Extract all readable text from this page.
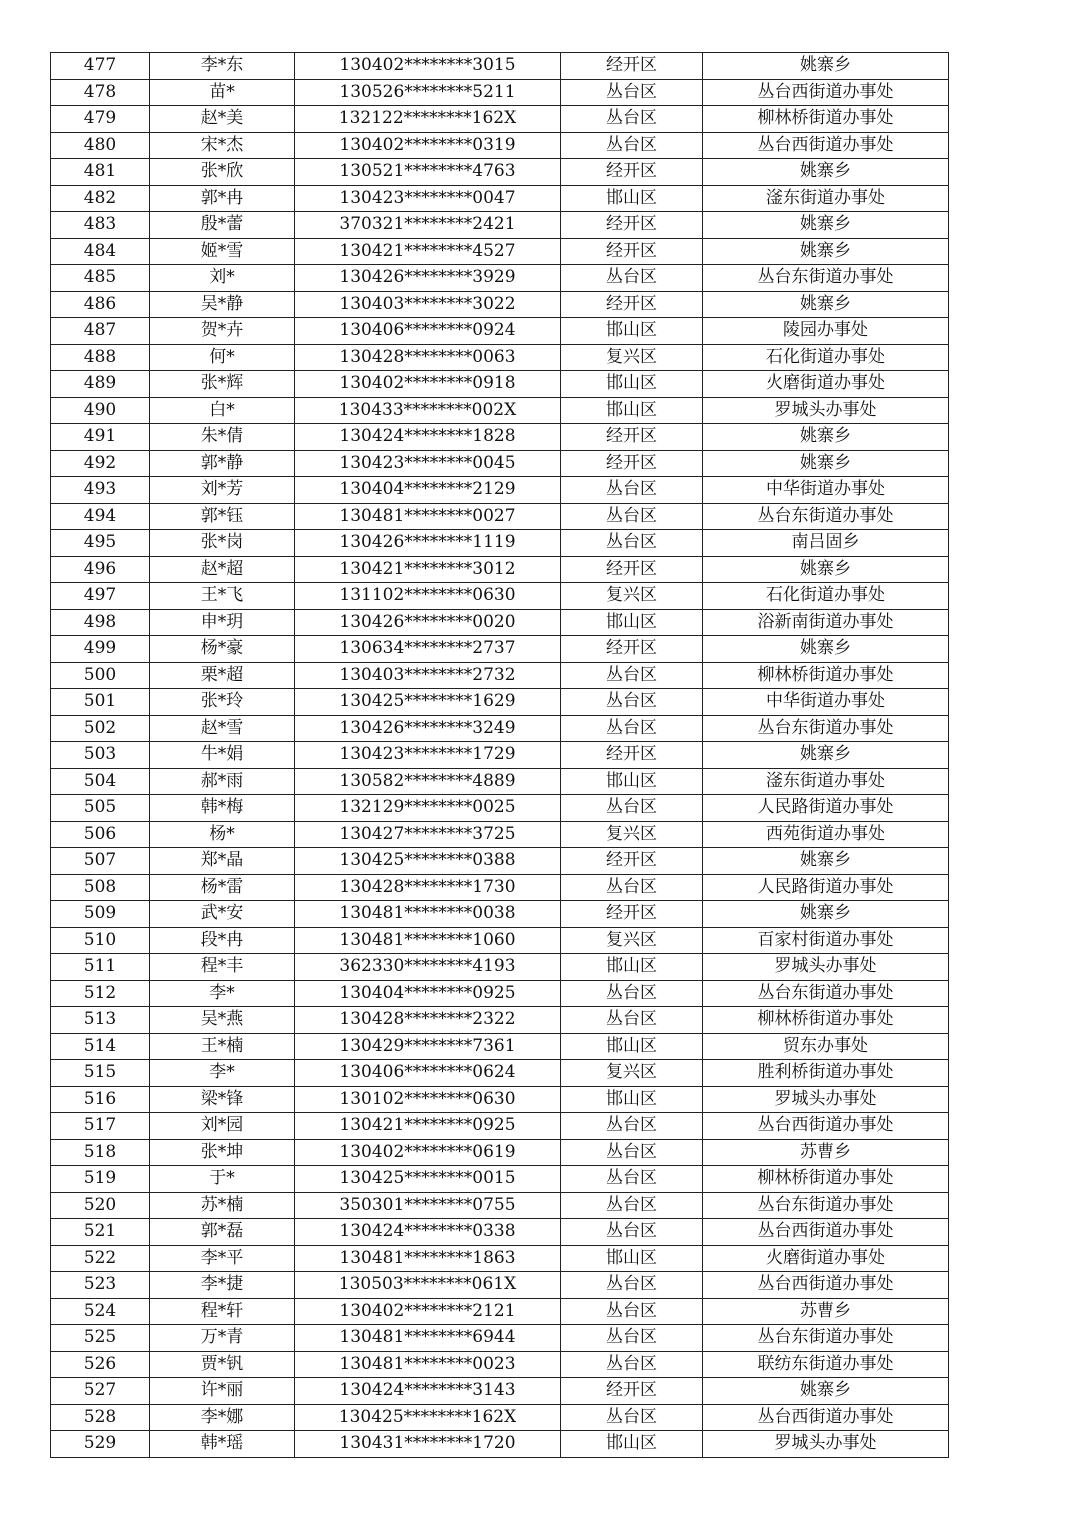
477	李*东	130402********3015	经开区	姚寨乡
478	苗*	130526********5211	丛台区	丛台西街道办事处
479	赵*美	132122********162X	丛台区	柳林桥街道办事处
480	宋*杰	130402********0319	丛台区	丛台西街道办事处
481	张*欣	130521********4763	经开区	姚寨乡
482	郭*冉	130423********0047	邯山区	滏东街道办事处
483	殷*蕾	370321********2421	经开区	姚寨乡
484	姬*雪	130421********4527	经开区	姚寨乡
485	刘*	130426********3929	丛台区	丛台东街道办事处
486	吴*静	130403********3022	经开区	姚寨乡
487	贺*卉	130406********0924	邯山区	陵园办事处
488	何*	130428********0063	复兴区	石化街道办事处
489	张*辉	130402********0918	邯山区	火磨街道办事处
490	白*	130433********002X	邯山区	罗城头办事处
491	朱*倩	130424********1828	经开区	姚寨乡
492	郭*静	130423********0045	经开区	姚寨乡
493	刘*芳	130404********2129	丛台区	中华街道办事处
494	郭*钰	130481********0027	丛台区	丛台东街道办事处
495	张*岗	130426********1119	丛台区	南吕固乡
496	赵*超	130421********3012	经开区	姚寨乡
497	王*飞	131102********0630	复兴区	石化街道办事处
498	申*玥	130426********0020	邯山区	浴新南街道办事处
499	杨*豪	130634********2737	经开区	姚寨乡
500	栗*超	130403********2732	丛台区	柳林桥街道办事处
501	张*玲	130425********1629	丛台区	中华街道办事处
502	赵*雪	130426********3249	丛台区	丛台东街道办事处
503	牛*娟	130423********1729	经开区	姚寨乡
504	郝*雨	130582********4889	邯山区	滏东街道办事处
505	韩*梅	132129********0025	丛台区	人民路街道办事处
506	杨*	130427********3725	复兴区	西苑街道办事处
507	郑*晶	130425********0388	经开区	姚寨乡
508	杨*雷	130428********1730	丛台区	人民路街道办事处
509	武*安	130481********0038	经开区	姚寨乡
510	段*冉	130481********1060	复兴区	百家村街道办事处
511	程*丰	362330********4193	邯山区	罗城头办事处
512	李*	130404********0925	丛台区	丛台东街道办事处
513	吴*燕	130428********2322	丛台区	柳林桥街道办事处
514	王*楠	130429********7361	邯山区	贸东办事处
515	李*	130406********0624	复兴区	胜利桥街道办事处
516	梁*锋	130102********0630	邯山区	罗城头办事处
517	刘*园	130421********0925	丛台区	丛台西街道办事处
518	张*坤	130402********0619	丛台区	苏曹乡
519	于*	130425********0015	丛台区	柳林桥街道办事处
520	苏*楠	350301********0755	丛台区	丛台东街道办事处
521	郭*磊	130424********0338	丛台区	丛台西街道办事处
522	李*平	130481********1863	邯山区	火磨街道办事处
523	李*捷	130503********061X	丛台区	丛台西街道办事处
524	程*轩	130402********2121	丛台区	苏曹乡
525	万*青	130481********6944	丛台区	丛台东街道办事处
526	贾*钒	130481********0023	丛台区	联纺东街道办事处
527	许*丽	130424********3143	经开区	姚寨乡
528	李*娜	130425********162X	丛台区	丛台西街道办事处
529	韩*瑶	130431********1720	邯山区	罗城头办事处
